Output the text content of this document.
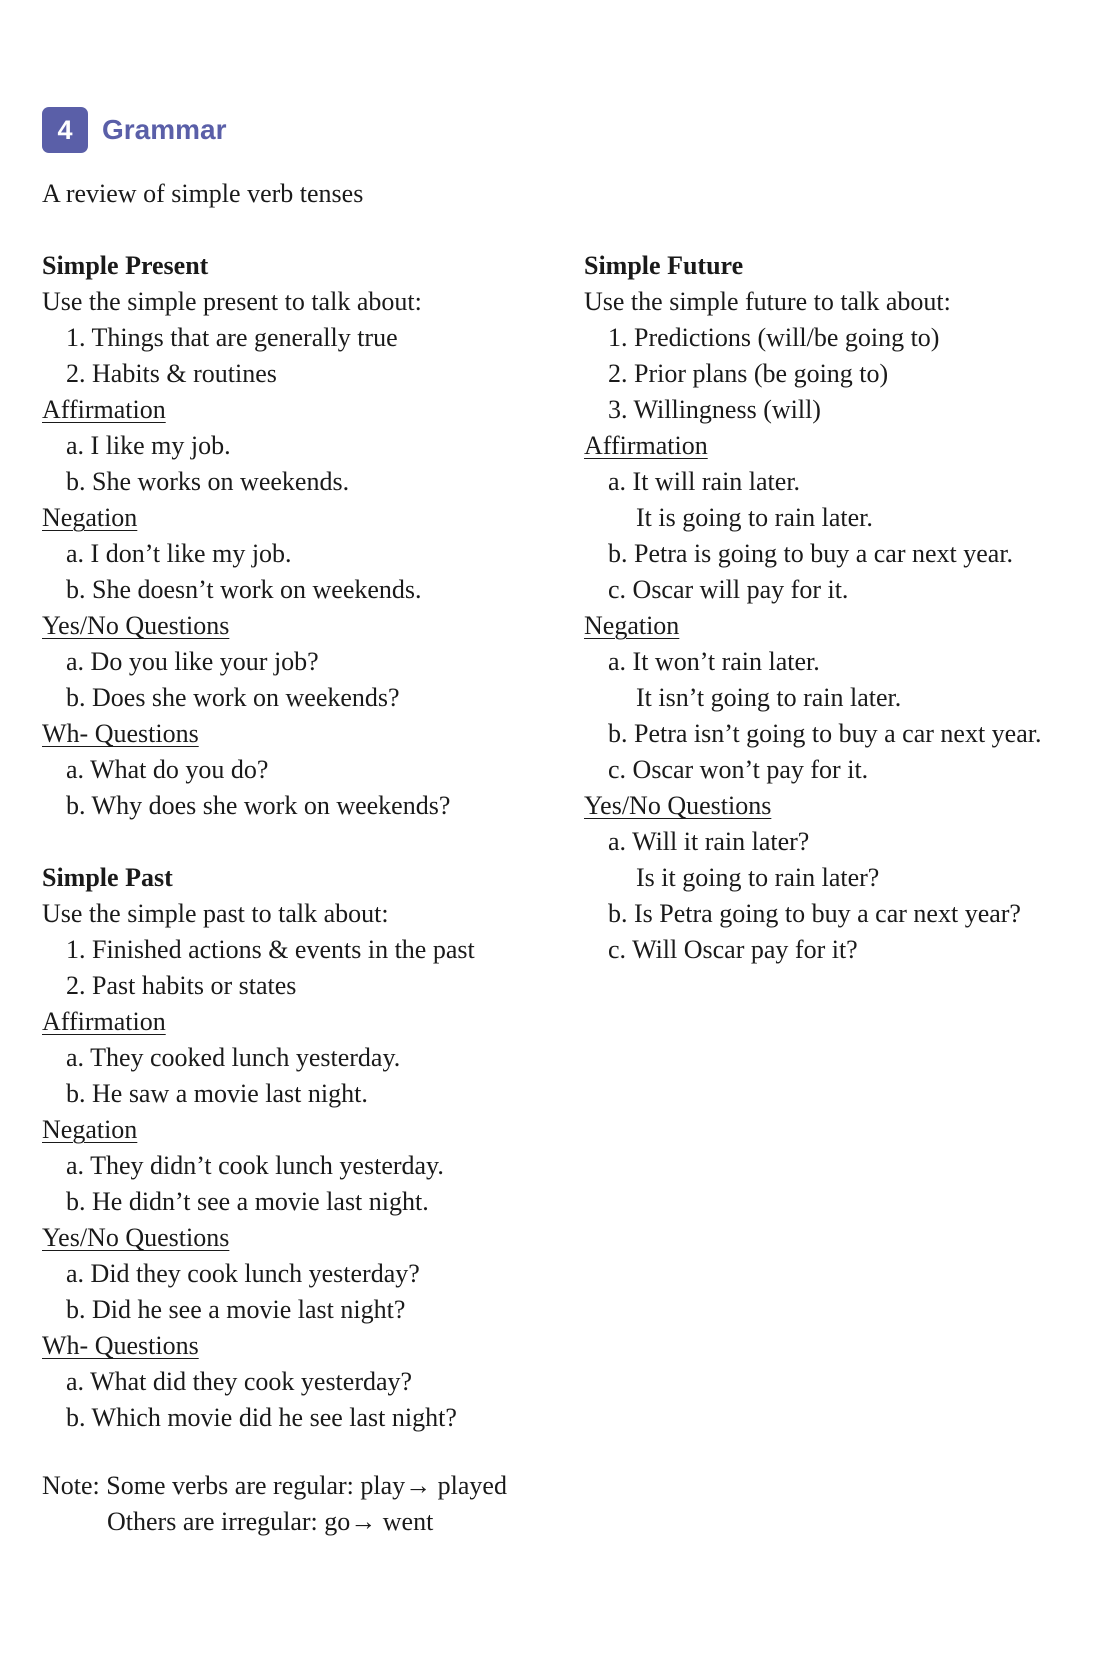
4	Grammar
A review of simple verb tenses
Simple Present
Use the simple present to talk about:
1. Things that are generally true
2. Habits & routines
Affirmation
a. I like my job.
b. She works on weekends.
Negation
a. I don’t like my job.
b. She doesn’t work on weekends.
Yes/No Questions
a. Do you like your job?
b. Does she work on weekends?
Wh- Questions
a. What do you do?
b. Why does she work on weekends?
Simple Past
Use the simple past to talk about:
1. Finished actions & events in the past
2. Past habits or states
Affirmation
a. They cooked lunch yesterday.
b. He saw a movie last night.
Negation
a. They didn’t cook lunch yesterday.
b. He didn’t see a movie last night.
Yes/No Questions
a. Did they cook lunch yesterday?
b. Did he see a movie last night?
Wh- Questions
a. What did they cook yesterday?
b. Which movie did he see last night?
Simple Future
Use the simple future to talk about:
1. Predictions (will/be going to)
2. Prior plans (be going to)
3. Willingness (will)
Affirmation
a. It will rain later.
It is going to rain later.
b. Petra is going to buy a car next year.
c. Oscar will pay for it.
Negation
a. It won’t rain later.
It isn’t going to rain later.
b. Petra isn’t going to buy a car next year.
c. Oscar won’t pay for it.
Yes/No Questions
a. Will it rain later?
Is it going to rain later?
b. Is Petra going to buy a car next year?
c. Will Oscar pay for it?
Note: Some verbs are regular: play→ played
Others are irregular: go→ went
